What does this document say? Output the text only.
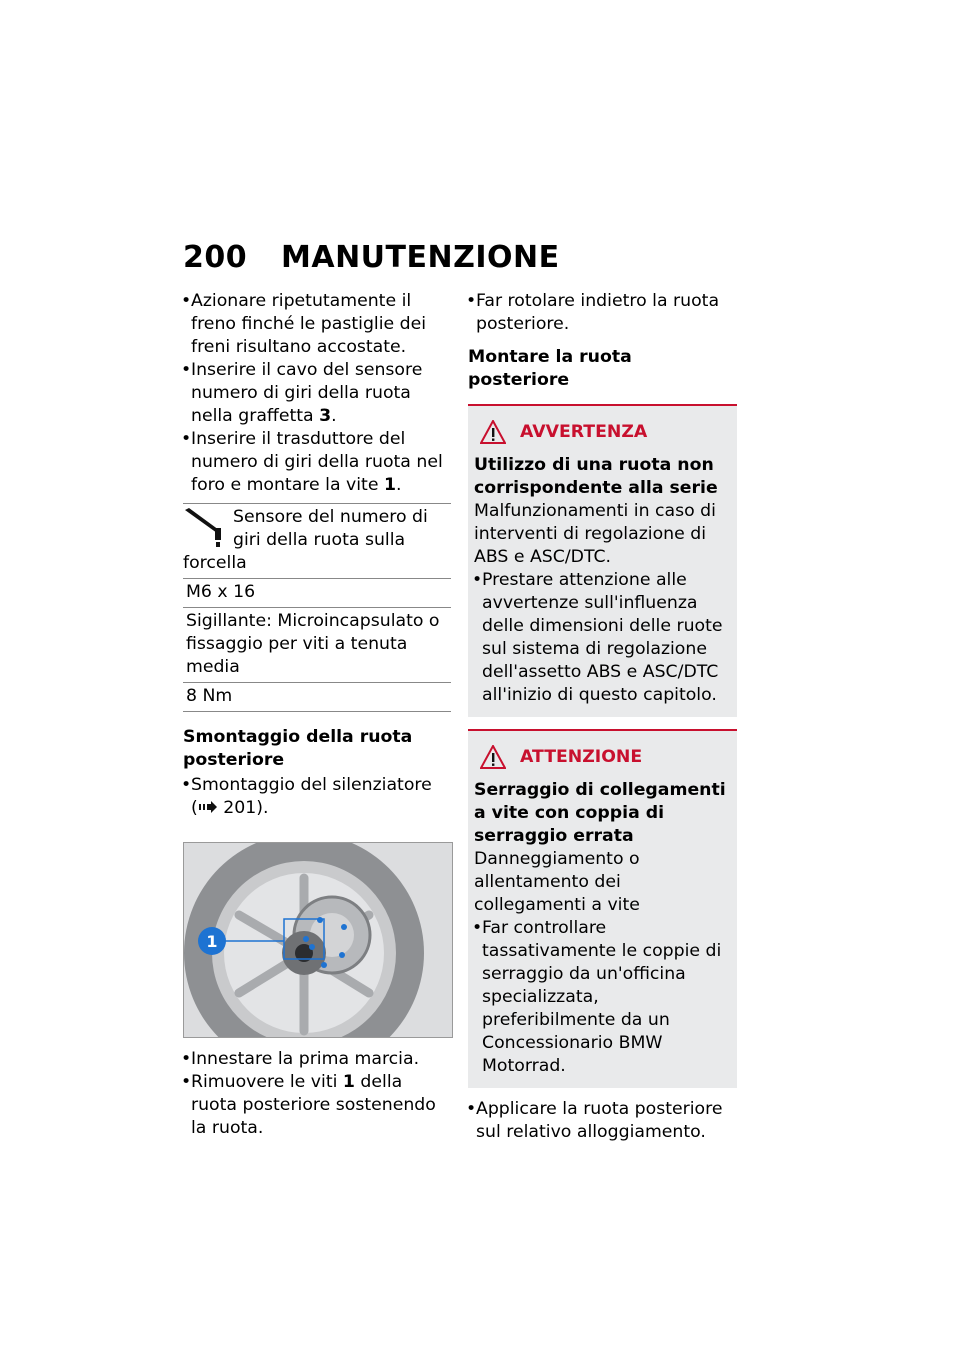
200 MANUTENZIONE
• Azionare ripetutamente il freno finché le pastiglie dei freni risultano accostate.
• Inserire il cavo del sensore numero di giri della ruota nella graffetta 3.
• Inserire il trasduttore del numero di giri della ruota nel foro e montare la vite 1.
Sensore del numero di giri della ruota sulla forcella
M6 x 16
Sigillante: Microincapsulato o fissaggio per viti a tenuta media
8 Nm
Smontaggio della ruota posteriore
• Smontaggio del silenziatore
( 201).
1
• Innestare la prima marcia.
• Rimuovere le viti 1 della ruota posteriore sostenendo la ruota.
• Far rotolare indietro la ruota posteriore.
Montare la ruota posteriore
AVVERTENZA
Utilizzo di una ruota non corrispondente alla serie
Malfunzionamenti in caso di interventi di regolazione di ABS e ASC/DTC.
• Prestare attenzione alle avvertenze sull'influenza delle dimensioni delle ruote sul sistema di regolazione dell'assetto ABS e ASC/DTC all'inizio di questo capitolo.
ATTENZIONE
Serraggio di collegamenti a vite con coppia di serraggio errata
Danneggiamento o allentamento dei collegamenti a vite
• Far controllare tassativamente le coppie di serraggio da un'officina specializzata, preferibilmente da un Concessionario BMW Motorrad.
• Applicare la ruota posteriore sul relativo alloggiamento.
